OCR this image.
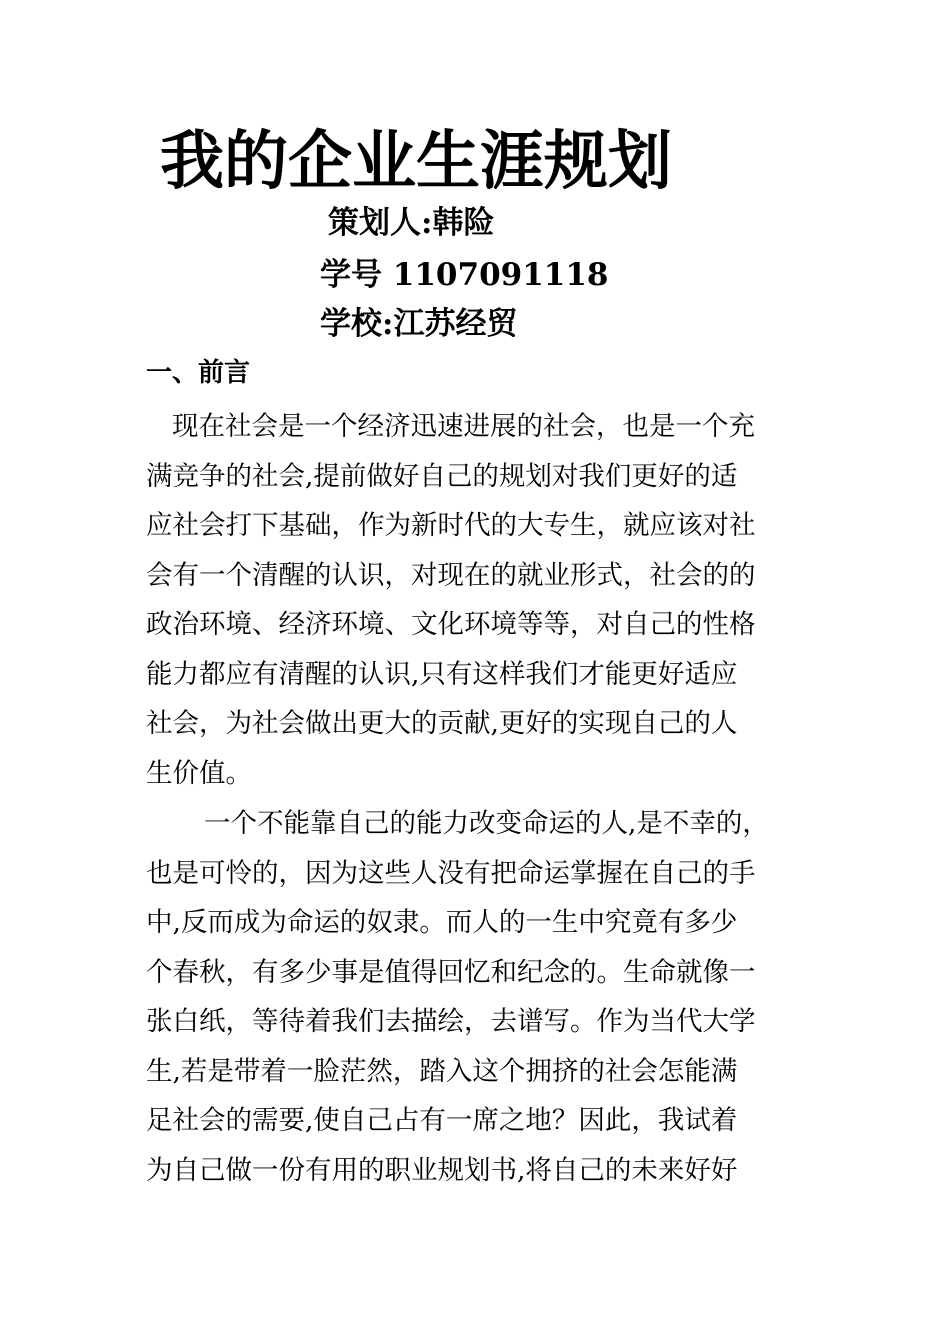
我的企业生涯规划
策划人:韩险
学号 1107091118
学校:江苏经贸
一、前言
现在社会是一个经济迅速进展的社会，也是一个充
满竞争的社会,提前做好自己的规划对我们更好的适
应社会打下基础，作为新时代的大专生，就应该对社
会有一个清醒的认识，对现在的就业形式，社会的的
政治环境、经济环境、文化环境等等，对自己的性格
能力都应有清醒的认识,只有这样我们才能更好适应
社会，为社会做出更大的贡献,更好的实现自己的人
生价值。
一个不能靠自己的能力改变命运的人,是不幸的，
也是可怜的，因为这些人没有把命运掌握在自己的手
中,反而成为命运的奴隶。而人的一生中究竟有多少
个春秋，有多少事是值得回忆和纪念的。生命就像一
张白纸，等待着我们去描绘，去谱写。作为当代大学
生,若是带着一脸茫然，踏入这个拥挤的社会怎能满
足社会的需要,使自己占有一席之地？因此，我试着
为自己做一份有用的职业规划书,将自己的未来好好
